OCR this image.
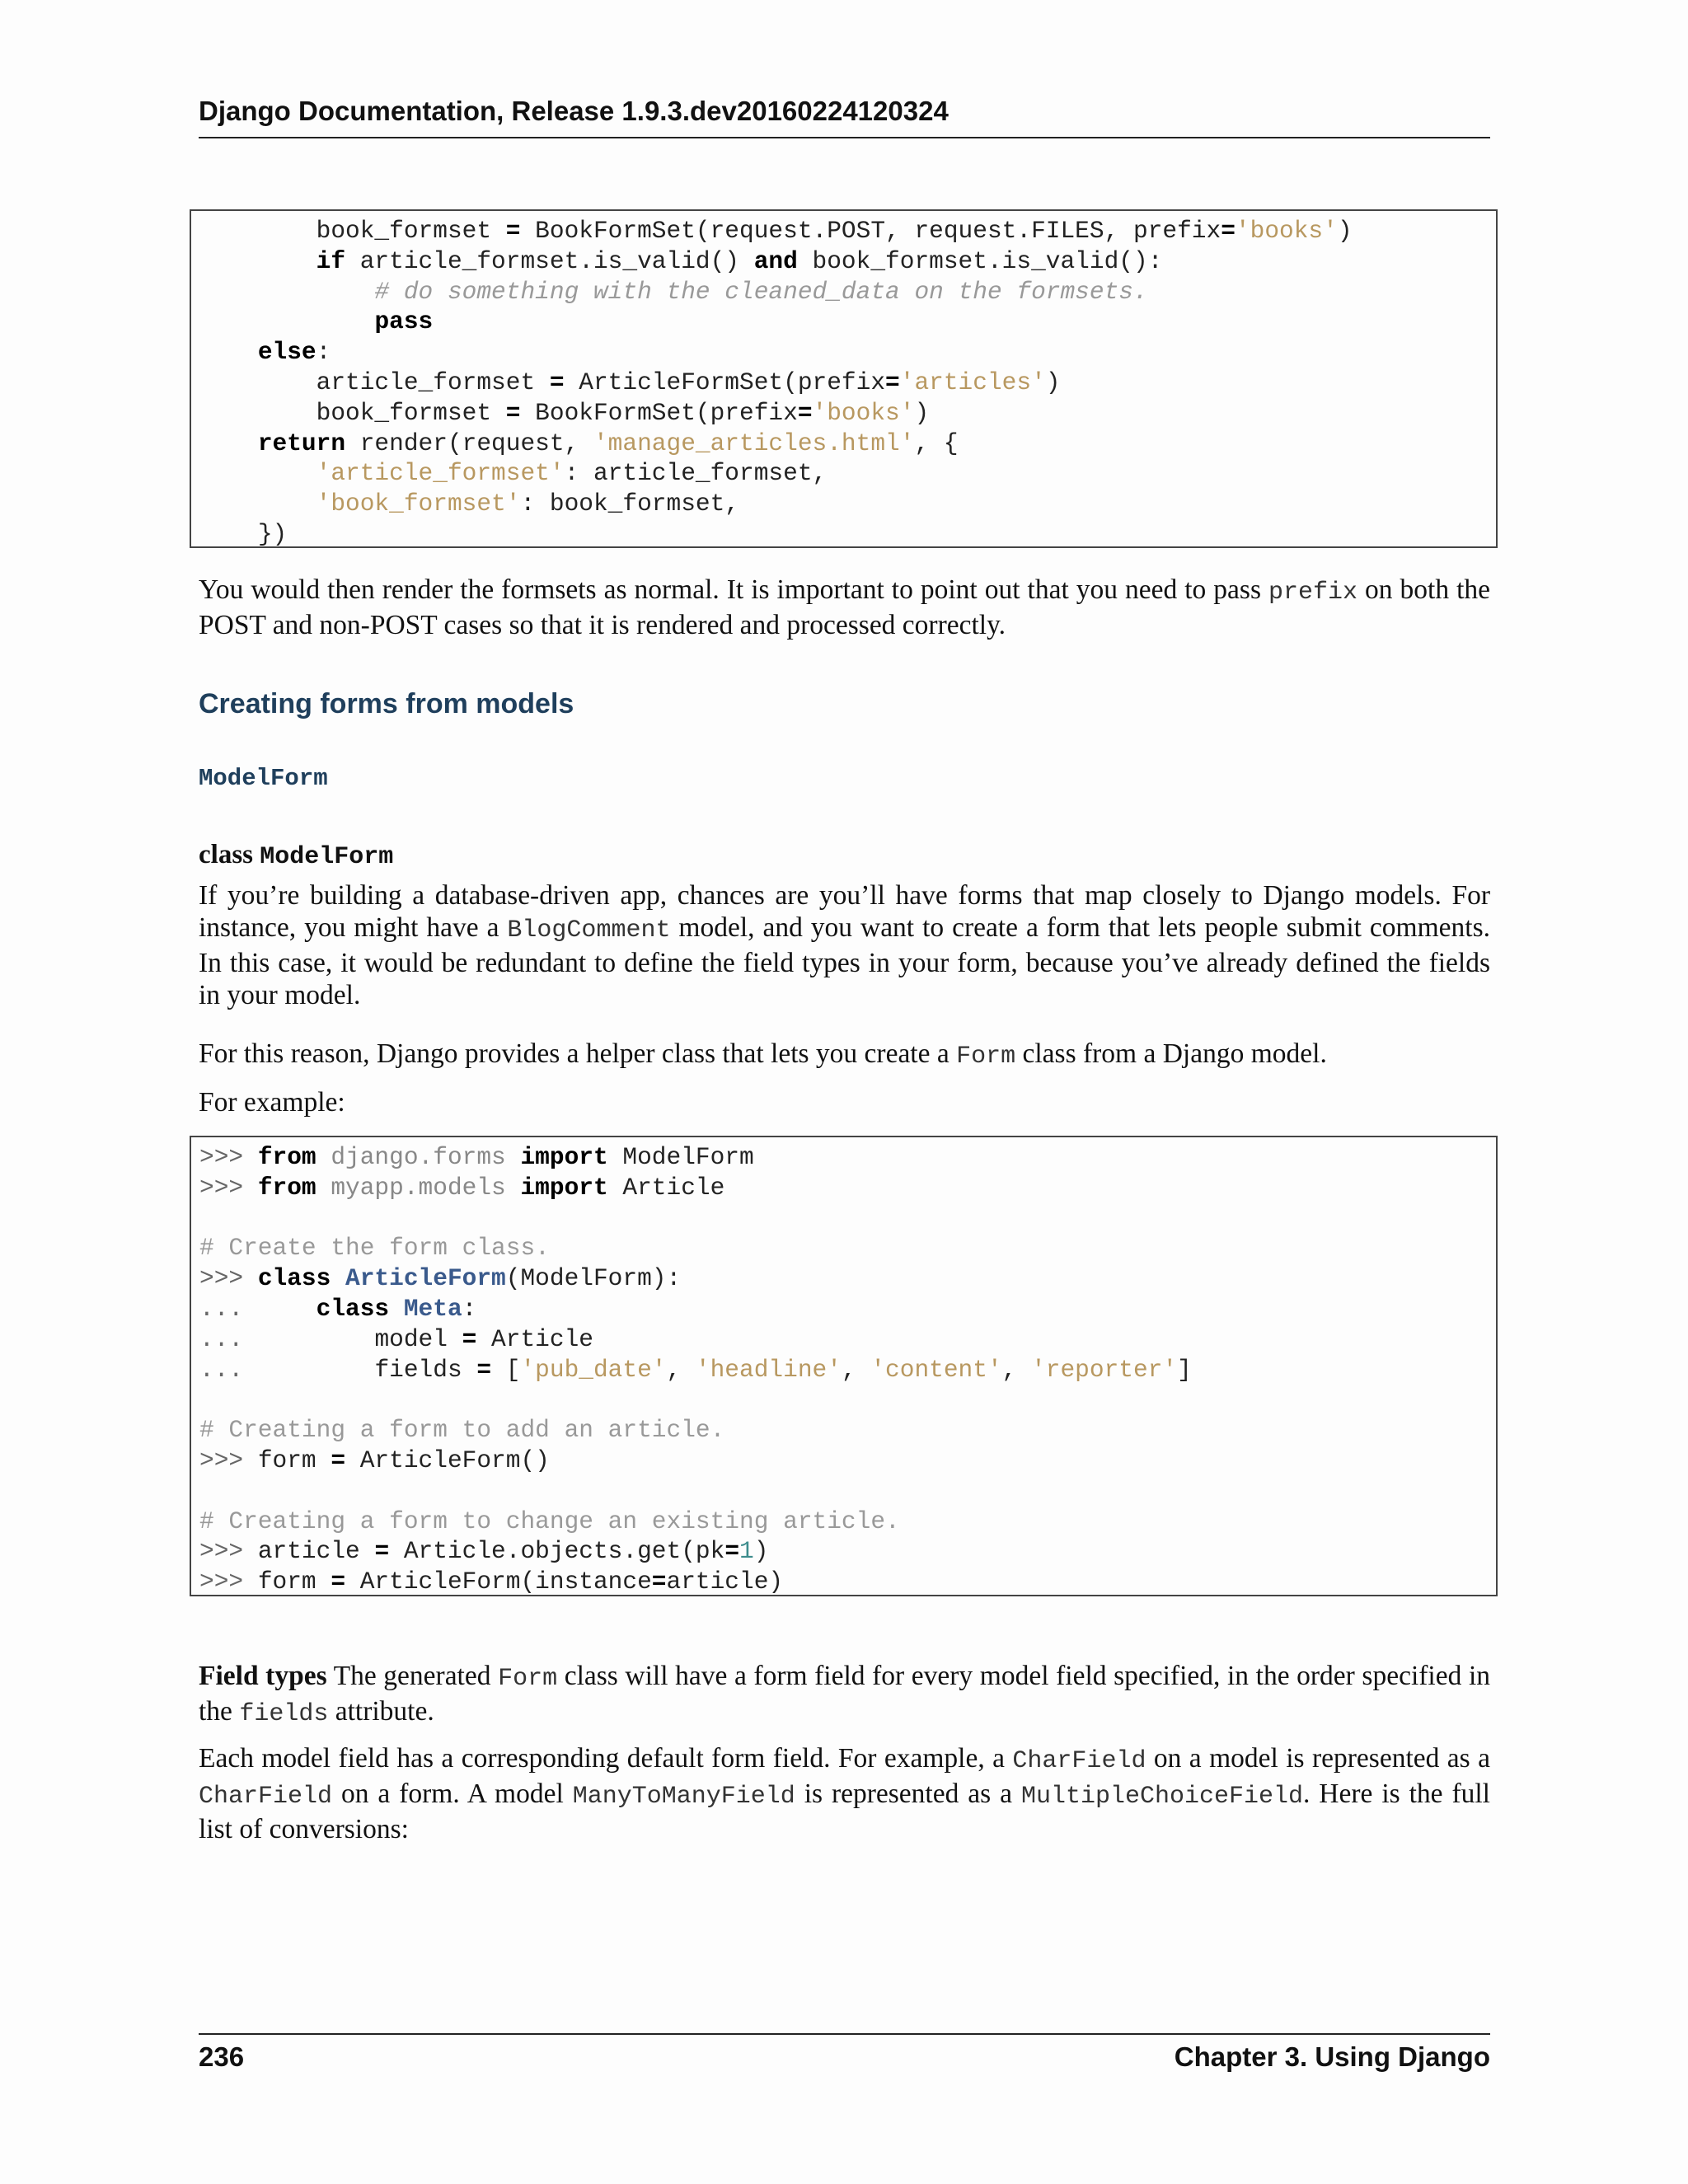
Django Documentation, Release 1.9.3.dev20160224120324
book_formset = BookFormSet(request.POST, request.FILES, prefix='books')
if article_formset.is_valid() and book_formset.is_valid():
# do something with the cleaned_data on the formsets.
pass
else:
article_formset = ArticleFormSet(prefix='articles')
book_formset = BookFormSet(prefix='books')
return render(request, 'manage_articles.html', {
'article_formset': article_formset,
'book_formset': book_formset,
})
You would then render the formsets as normal. It is important to point out that you need to pass prefix on both the POST and non-POST cases so that it is rendered and processed correctly.
Creating forms from models
ModelForm
class ModelForm
If you’re building a database-driven app, chances are you’ll have forms that map closely to Django models. For instance, you might have a BlogComment model, and you want to create a form that lets people submit comments. In this case, it would be redundant to define the field types in your form, because you’ve already defined the fields in your model.
For this reason, Django provides a helper class that lets you create a Form class from a Django model.
For example:
>>> from django.forms import ModelForm
>>> from myapp.models import Article

# Create the form class.
>>> class ArticleForm(ModelForm):
...     class Meta:
...         model = Article
...         fields = ['pub_date', 'headline', 'content', 'reporter']

# Creating a form to add an article.
>>> form = ArticleForm()

# Creating a form to change an existing article.
>>> article = Article.objects.get(pk=1)
>>> form = ArticleForm(instance=article)
Field types The generated Form class will have a form field for every model field specified, in the order specified in the fields attribute.
Each model field has a corresponding default form field. For example, a CharField on a model is represented as a CharField on a form. A model ManyToManyField is represented as a MultipleChoiceField. Here is the full list of conversions:
236	Chapter 3. Using Django
